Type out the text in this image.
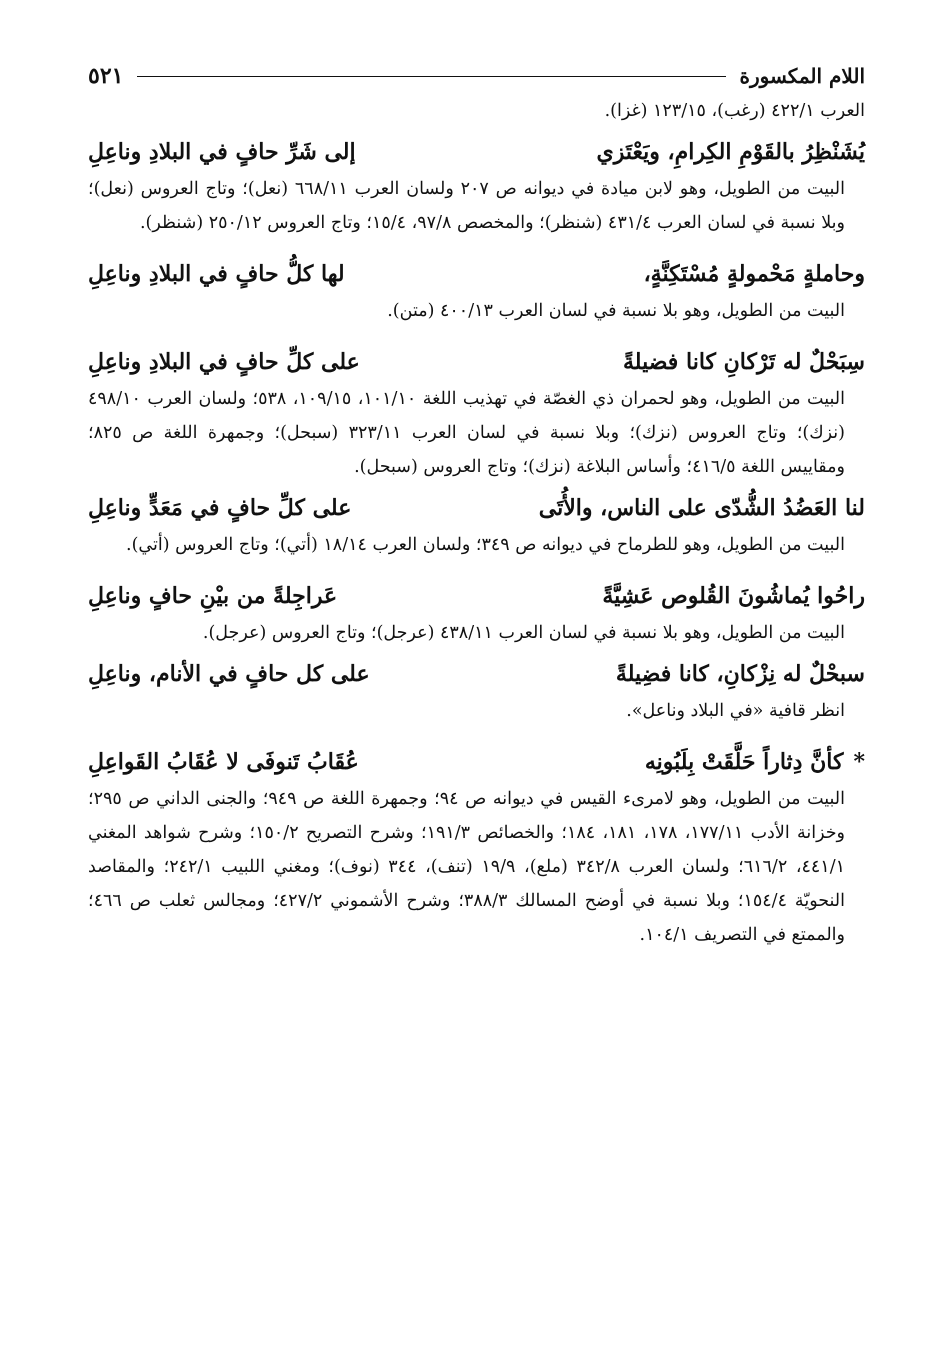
اللام المكسورة
٥٢١

العرب ٤٢٢/١ (رغب)، ١٢٣/١٥ (غزا).

يُشَنْظِرُ بالقَوْمِ الكِرامِ، ويَعْتَزي
إلى شَرِّ حافٍ في البلادِ وناعِلِ

البيت من الطويل، وهو لابن ميادة في ديوانه ص ٢٠٧ ولسان العرب ٦٦٨/١١ (نعل)؛ وتاج العروس (نعل)؛ وبلا نسبة في لسان العرب ٤٣١/٤ (شنظر)؛ والمخصص ٩٧/٨، ١٥/٤؛ وتاج العروس ٢٥٠/١٢ (شنظر).

وحاملةٍ مَحْمولةٍ مُسْتَكِنَّةٍ،
لها كلُّ حافٍ في البلادِ وناعِلِ

البيت من الطويل، وهو بلا نسبة في لسان العرب ٤٠٠/١٣ (متن).

سِبَحْلٌ له تَرْكانِ كانا فضيلةً
على كلِّ حافٍ في البلادِ وناعِلِ

البيت من الطويل، وهو لحمران ذي الغصّة في تهذيب اللغة ١٠١/١٠، ١٠٩/١٥، ٥٣٨؛ ولسان العرب ٤٩٨/١٠ (نزك)؛ وتاج العروس (نزك)؛ وبلا نسبة في لسان العرب ٣٢٣/١١ (سبحل)؛ وجمهرة اللغة ص ٨٢٥؛ ومقاييس اللغة ٤١٦/٥؛ وأساس البلاغة (نزك)؛ وتاج العروس (سبحل).

لنا العَضُدُ الشُّدّى على الناس، والأُتَى
على كلِّ حافٍ في مَعَدٍّ وناعِلِ

البيت من الطويل، وهو للطرماح في ديوانه ص ٣٤٩؛ ولسان العرب ١٨/١٤ (أتي)؛ وتاج العروس (أتي).

راحُوا يُماشُونَ القُلوص عَشِيَّةً
عَراجِلةً من بيْنِ حافٍ وناعِلِ

البيت من الطويل، وهو بلا نسبة في لسان العرب ٤٣٨/١١ (عرجل)؛ وتاج العروس (عرجل).

سبحْلٌ له نِزْكانِ، كانا فضِيلةً
على كل حافٍ في الأنام، وناعِلِ

انظر قافية «في البلاد وناعل».

*
كأنَّ دِثاراً حَلَّقَتْ بِلَبُونِه
عُقَابُ تَنوفَى لا عُقَابُ القَواعِلِ

البيت من الطويل، وهو لامرىء القيس في ديوانه ص ٩٤؛ وجمهرة اللغة ص ٩٤٩؛ والجنى الداني ص ٢٩٥؛ وخزانة الأدب ١٧٧/١١، ١٧٨، ١٨١، ١٨٤؛ والخصائص ١٩١/٣؛ وشرح التصريح ١٥٠/٢؛ وشرح شواهد المغني ٤٤١/١، ٦١٦/٢؛ ولسان العرب ٣٤٢/٨ (ملع)، ١٩/٩ (تنف)، ٣٤٤ (نوف)؛ ومغني اللبيب ٢٤٢/١؛ والمقاصد النحويّة ١٥٤/٤؛ وبلا نسبة في أوضح المسالك ٣٨٨/٣؛ وشرح الأشموني ٤٢٧/٢؛ ومجالس ثعلب ص ٤٦٦؛ والممتع في التصريف ١٠٤/١.
